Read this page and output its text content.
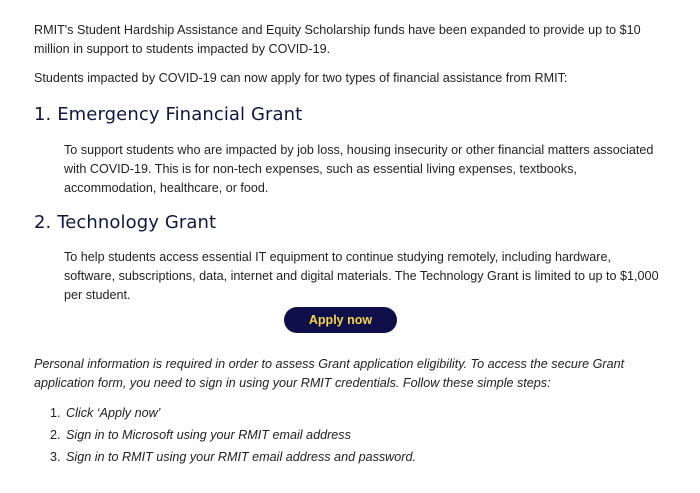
RMIT's Student Hardship Assistance and Equity Scholarship funds have been expanded to provide up to $10 million in support to students impacted by COVID-19.

Students impacted by COVID-19 can now apply for two types of financial assistance from RMIT:

1. Emergency Financial Grant

To support students who are impacted by job loss, housing insecurity or other financial matters associated with COVID-19. This is for non-tech expenses, such as essential living expenses, textbooks, accommodation, healthcare, or food.

2. Technology Grant

To help students access essential IT equipment to continue studying remotely, including hardware, software, subscriptions, data, internet and digital materials. The Technology Grant is limited to up to $1,000 per student.

Apply now

Personal information is required in order to assess Grant application eligibility. To access the secure Grant application form, you need to sign in using your RMIT credentials. Follow these simple steps:

1. Click ‘Apply now’
2. Sign in to Microsoft using your RMIT email address
3. Sign in to RMIT using your RMIT email address and password.
